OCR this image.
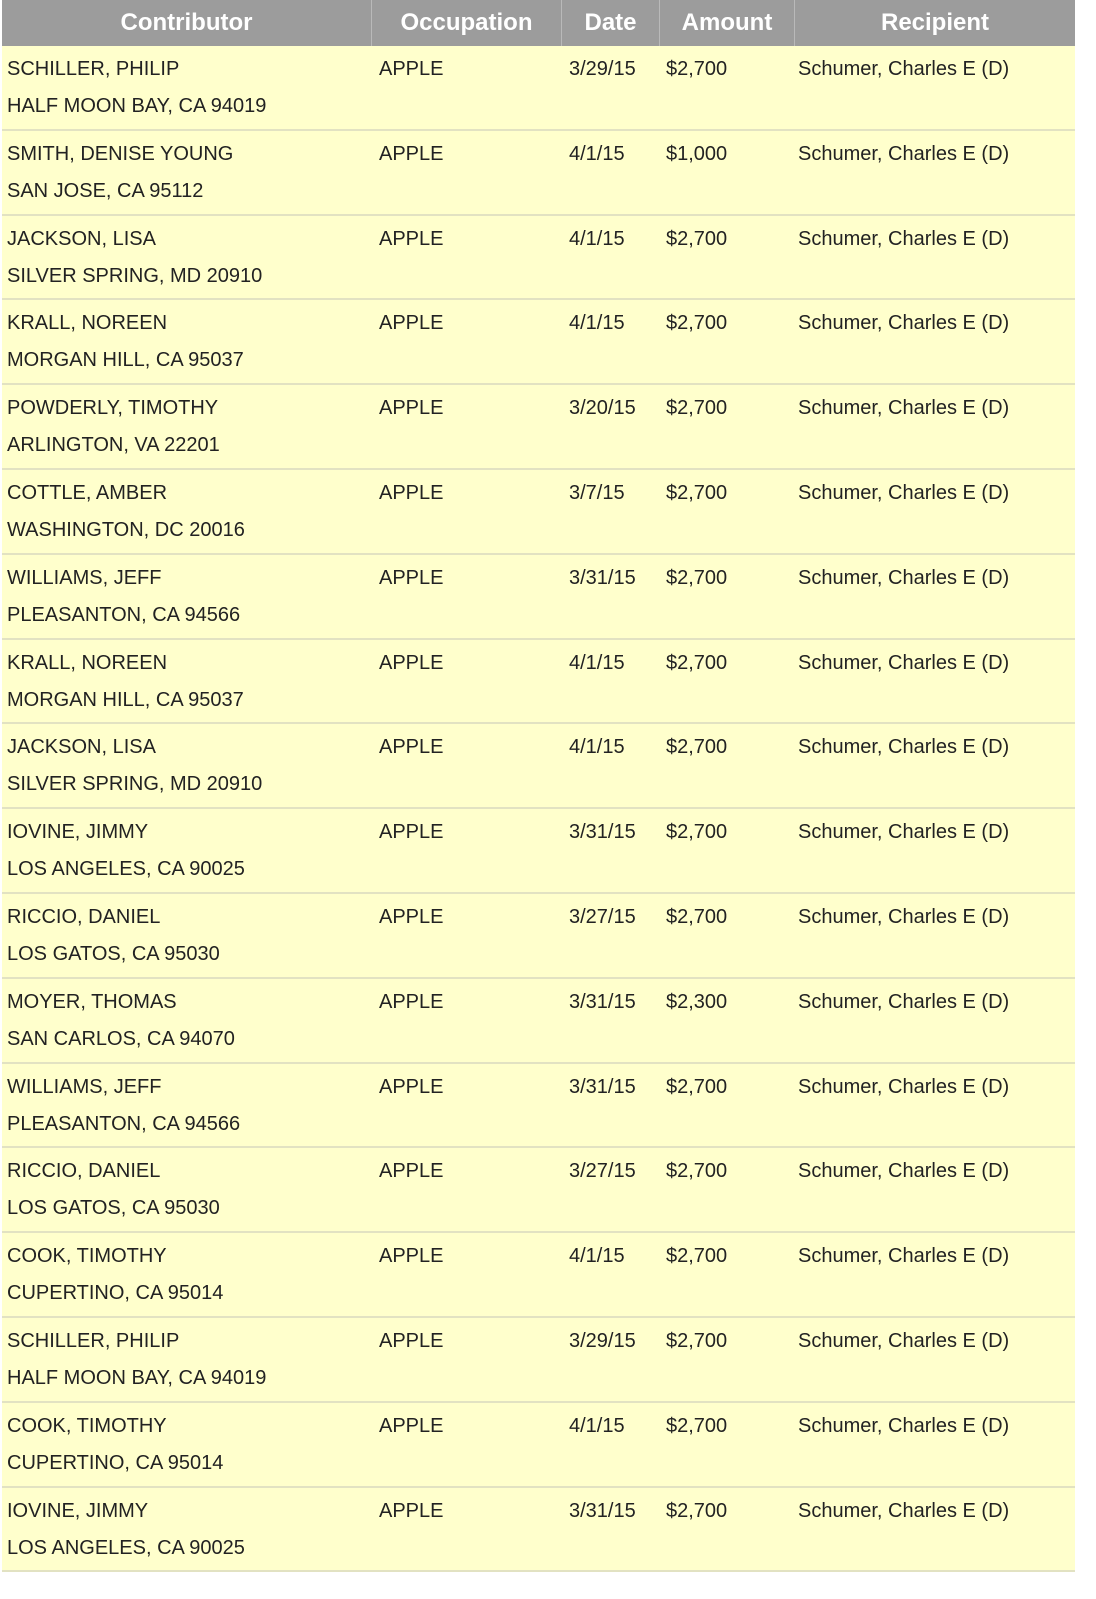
Contributor	Occupation	Date	Amount	Recipient
SCHILLER, PHILIP
HALF MOON BAY, CA 94019
APPLE	3/29/15 $2,700	Schumer, Charles E (D)
SMITH, DENISE YOUNG
SAN JOSE, CA 95112
APPLE	4/1/15 $1,000	Schumer, Charles E (D)
JACKSON, LISA
SILVER SPRING, MD 20910
APPLE	4/1/15 $2,700	Schumer, Charles E (D)
KRALL, NOREEN
MORGAN HILL, CA 95037
APPLE	4/1/15 $2,700	Schumer, Charles E (D)
POWDERLY, TIMOTHY
ARLINGTON, VA 22201
APPLE	3/20/15 $2,700	Schumer, Charles E (D)
COTTLE, AMBER
WASHINGTON, DC 20016
APPLE	3/7/15 $2,700	Schumer, Charles E (D)
WILLIAMS, JEFF
PLEASANTON, CA 94566
APPLE	3/31/15 $2,700	Schumer, Charles E (D)
KRALL, NOREEN
MORGAN HILL, CA 95037
APPLE	4/1/15 $2,700	Schumer, Charles E (D)
JACKSON, LISA
SILVER SPRING, MD 20910
APPLE	4/1/15 $2,700	Schumer, Charles E (D)
IOVINE, JIMMY
LOS ANGELES, CA 90025
APPLE	3/31/15 $2,700	Schumer, Charles E (D)
RICCIO, DANIEL
LOS GATOS, CA 95030
APPLE	3/27/15 $2,700	Schumer, Charles E (D)
MOYER, THOMAS
SAN CARLOS, CA 94070
APPLE	3/31/15 $2,300	Schumer, Charles E (D)
WILLIAMS, JEFF
PLEASANTON, CA 94566
APPLE	3/31/15 $2,700	Schumer, Charles E (D)
RICCIO, DANIEL
LOS GATOS, CA 95030
APPLE	3/27/15 $2,700	Schumer, Charles E (D)
COOK, TIMOTHY
CUPERTINO, CA 95014
APPLE	4/1/15 $2,700	Schumer, Charles E (D)
SCHILLER, PHILIP
HALF MOON BAY, CA 94019
APPLE	3/29/15 $2,700	Schumer, Charles E (D)
COOK, TIMOTHY
CUPERTINO, CA 95014
APPLE	4/1/15 $2,700	Schumer, Charles E (D)
IOVINE, JIMMY
LOS ANGELES, CA 90025
APPLE	3/31/15 $2,700	Schumer, Charles E (D)
